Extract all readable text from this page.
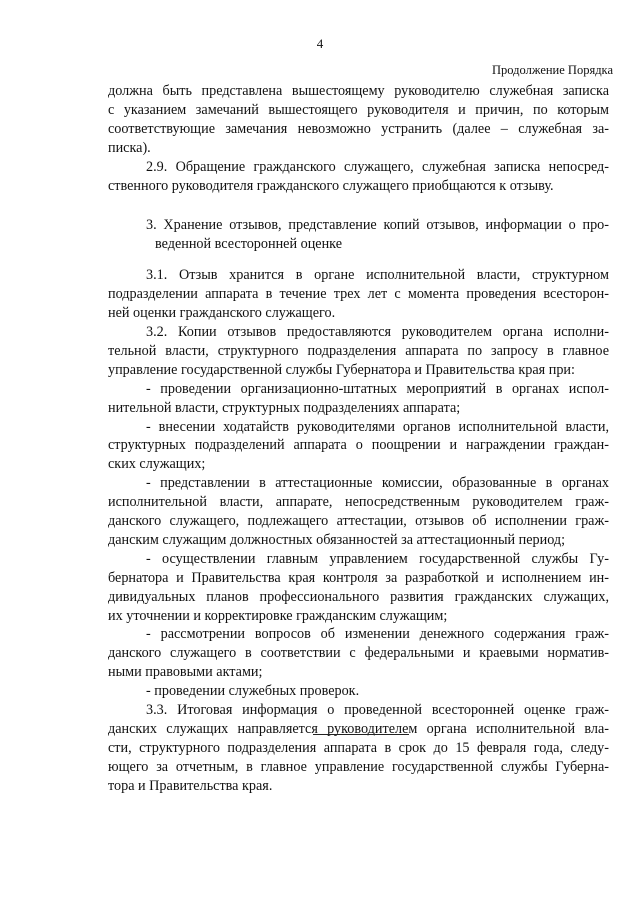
4
Продолжение Порядка
должна быть представлена вышестоящему руководителю служебная записка
с указанием замечаний вышестоящего руководителя и причин, по которым
соответствующие замечания невозможно устранить (далее – служебная за-
писка).
2.9. Обращение гражданского служащего, служебная записка непосред-
ственного руководителя гражданского служащего приобщаются к отзыву.
3. Хранение отзывов, представление копий отзывов, информации о про-
веденной всесторонней оценке
3.1. Отзыв хранится в органе исполнительной власти, структурном
подразделении аппарата в течение трех лет с момента проведения всесторон-
ней оценки гражданского служащего.
3.2. Копии отзывов предоставляются руководителем органа исполни-
тельной власти, структурного подразделения аппарата по запросу в главное
управление государственной службы Губернатора и Правительства края при:
- проведении организационно-штатных мероприятий в органах испол-
нительной власти, структурных подразделениях аппарата;
- внесении ходатайств руководителями органов исполнительной власти,
структурных подразделений аппарата о поощрении и награждении граждан-
ских служащих;
- представлении в аттестационные комиссии, образованные в органах
исполнительной власти, аппарате, непосредственным руководителем граж-
данского служащего, подлежащего аттестации, отзывов об исполнении граж-
данским служащим должностных обязанностей за аттестационный период;
- осуществлении главным управлением государственной службы Гу-
бернатора и Правительства края контроля за разработкой и исполнением ин-
дивидуальных планов профессионального развития гражданских служащих,
их уточнении и корректировке гражданским служащим;
- рассмотрении вопросов об изменении денежного содержания граж-
данского служащего в соответствии с федеральными и краевыми норматив-
ными правовыми актами;
- проведении служебных проверок.
3.3. Итоговая информация о проведенной всесторонней оценке граж-
данских служащих направляется руководителем органа исполнительной вла-
сти, структурного подразделения аппарата в срок до 15 февраля года, следу-
ющего за отчетным, в главное управление государственной службы Губерна-
тора и Правительства края.
